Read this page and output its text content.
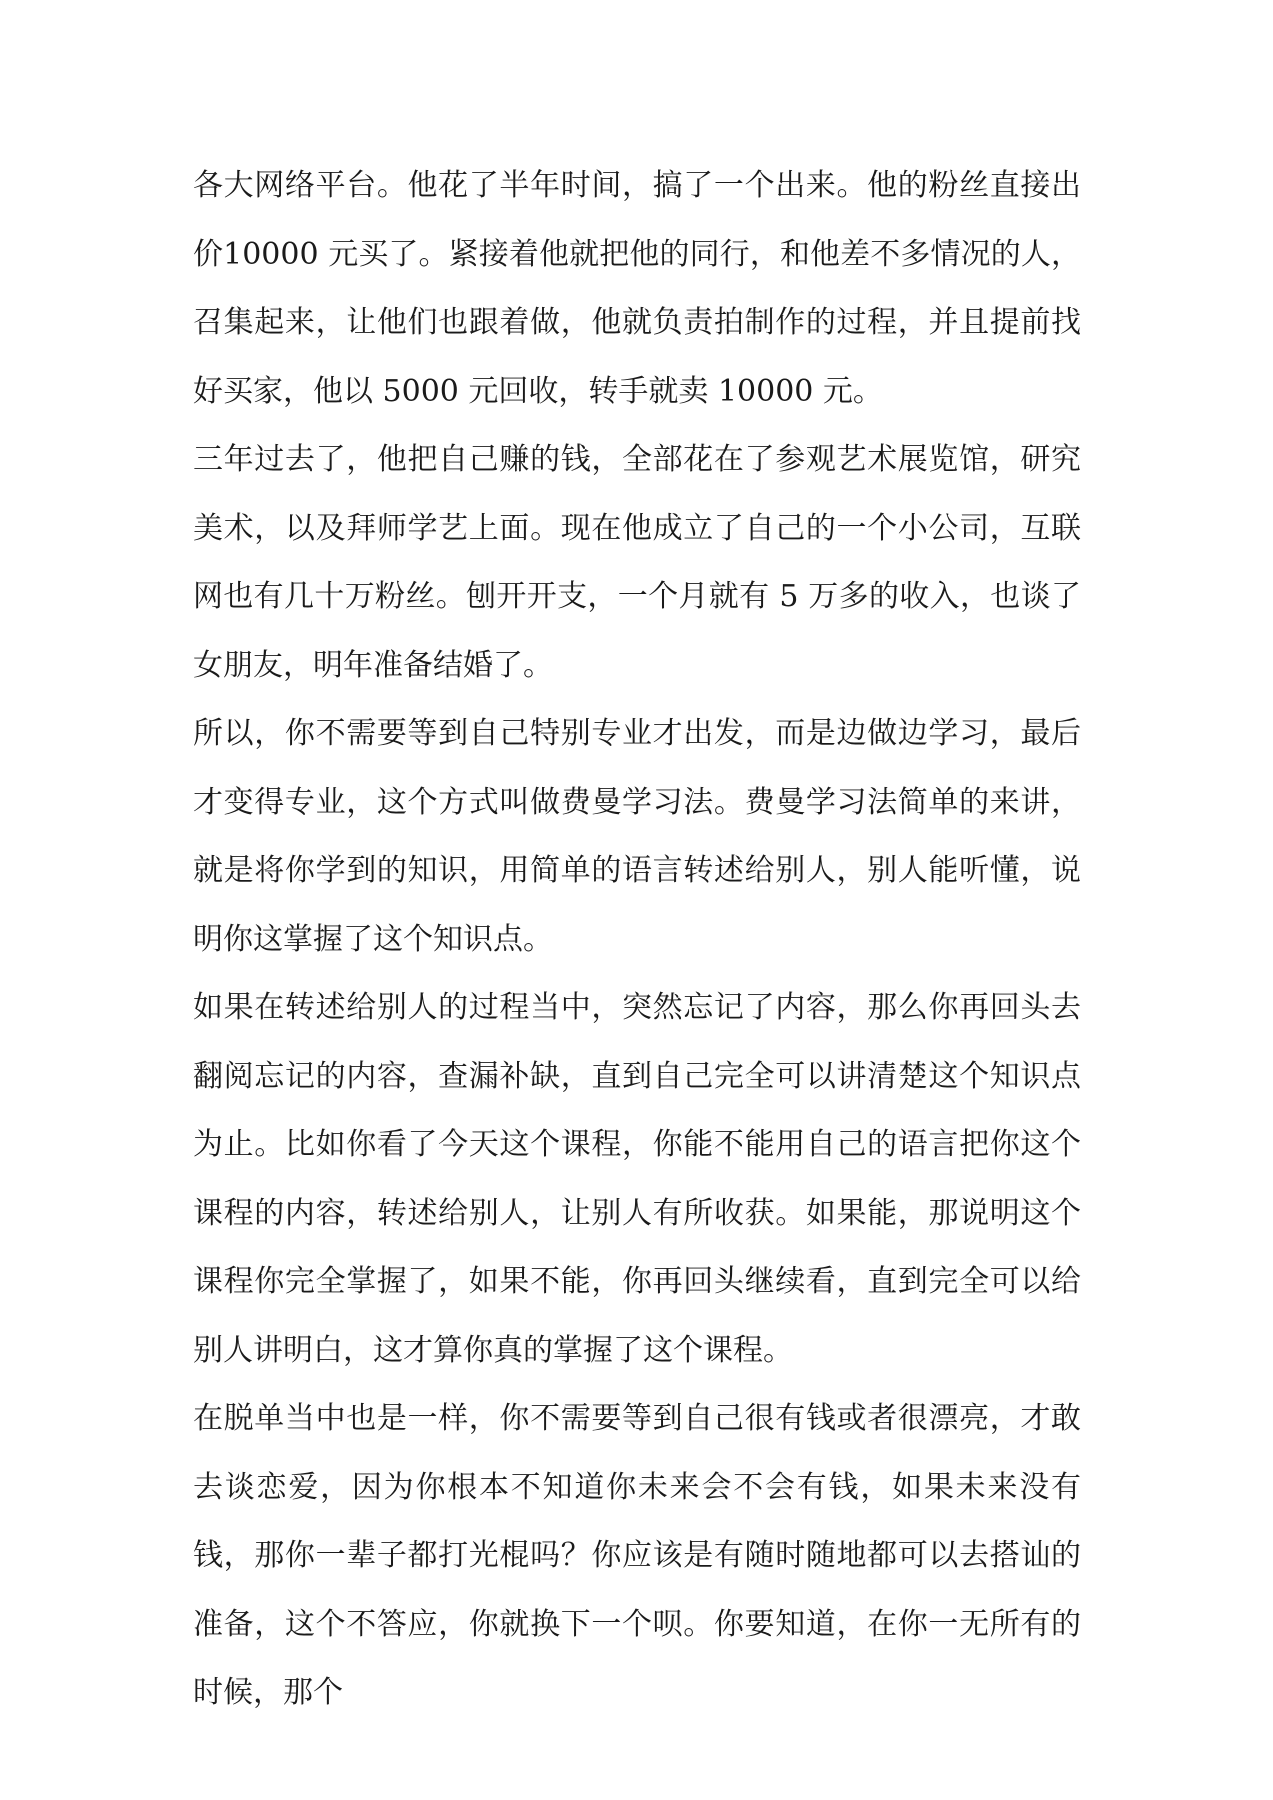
各大网络平台。他花了半年时间，搞了一个出来。他的粉丝直接出价10000 元买了。紧接着他就把他的同行，和他差不多情况的人，召集起来，让他们也跟着做，他就负责拍制作的过程，并且提前找好买家，他以 5000 元回收，转手就卖 10000 元。

三年过去了，他把自己赚的钱，全部花在了参观艺术展览馆，研究美术，以及拜师学艺上面。现在他成立了自己的一个小公司，互联网也有几十万粉丝。刨开开支，一个月就有 5 万多的收入，也谈了女朋友，明年准备结婚了。

所以，你不需要等到自己特别专业才出发，而是边做边学习，最后才变得专业，这个方式叫做费曼学习法。费曼学习法简单的来讲，就是将你学到的知识，用简单的语言转述给别人，别人能听懂，说明你这掌握了这个知识点。

如果在转述给别人的过程当中，突然忘记了内容，那么你再回头去翻阅忘记的内容，查漏补缺，直到自己完全可以讲清楚这个知识点为止。比如你看了今天这个课程，你能不能用自己的语言把你这个课程的内容，转述给别人，让别人有所收获。如果能，那说明这个课程你完全掌握了，如果不能，你再回头继续看，直到完全可以给别人讲明白，这才算你真的掌握了这个课程。

在脱单当中也是一样，你不需要等到自己很有钱或者很漂亮，才敢去谈恋爱，因为你根本不知道你未来会不会有钱，如果未来没有钱，那你一辈子都打光棍吗？你应该是有随时随地都可以去搭讪的准备，这个不答应，你就换下一个呗。你要知道，在你一无所有的时候，那个
